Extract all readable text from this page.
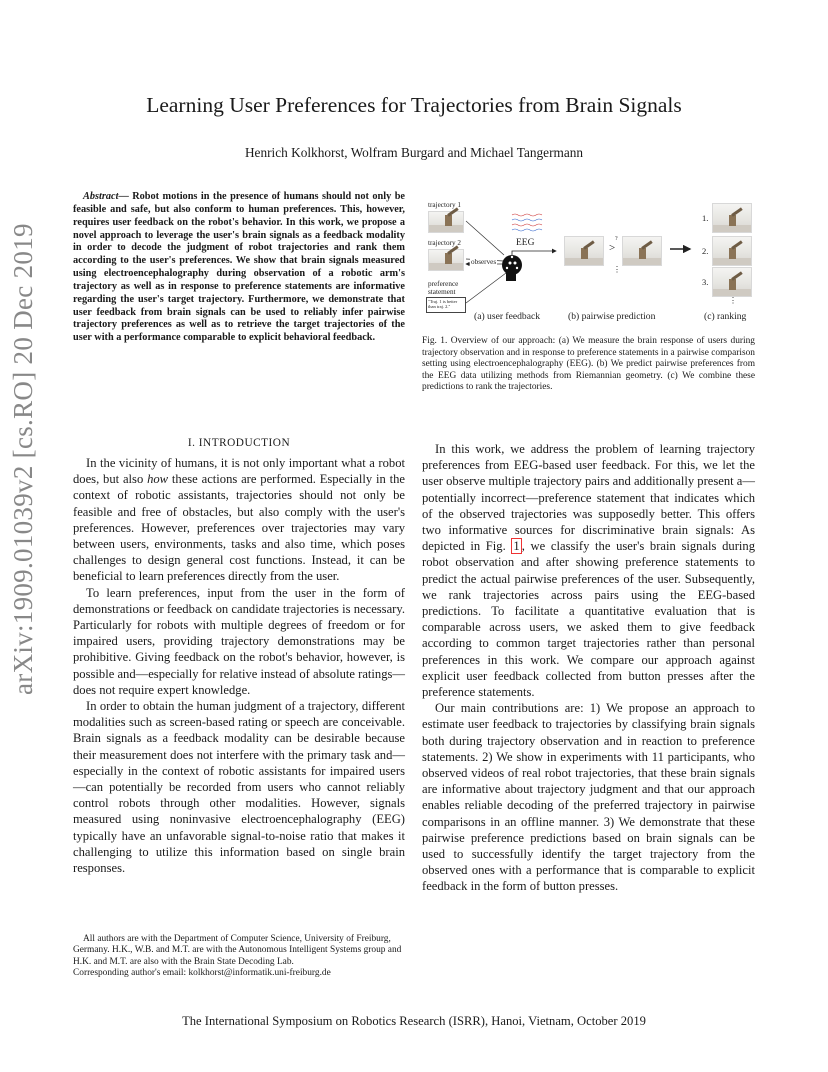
arXiv:1909.01039v2 [cs.RO] 20 Dec 2019
Learning User Preferences for Trajectories from Brain Signals
Henrich Kolkhorst, Wolfram Burgard and Michael Tangermann
Abstract— Robot motions in the presence of humans should not only be feasible and safe, but also conform to human preferences. This, however, requires user feedback on the robot's behavior. In this work, we propose a novel approach to leverage the user's brain signals as a feedback modality in order to decode the judgment of robot trajectories and rank them according to the user's preferences. We show that brain signals measured using electroencephalography during observation of a robotic arm's trajectory as well as in response to preference statements are informative regarding the user's target trajectory. Furthermore, we demonstrate that user feedback from brain signals can be used to reliably infer pairwise trajectory preferences as well as to retrieve the target trajectories of the user with a performance comparable to explicit behavioral feedback.
trajectory 1
trajectory 2
preference
statement
"Traj. 1 is better than traj. 2."
EEG
observes
>
?
⋮
1.
2.
3.
⋮
(a) user feedback	(b) pairwise prediction	(c) ranking
Fig. 1. Overview of our approach: (a) We measure the brain response of users during trajectory observation and in response to preference statements in a pairwise comparison setting using electroencephalography (EEG). (b) We predict pairwise preferences from the EEG data utilizing methods from Riemannian geometry. (c) We combine these predictions to rank the trajectories.
I. INTRODUCTION

In the vicinity of humans, it is not only important what a robot does, but also how these actions are performed. Especially in the context of robotic assistants, trajectories should not only be feasible and free of obstacles, but also comply with the user's preferences. However, preferences over trajectories may vary between users, environments, tasks and also time, which poses challenges to design general cost functions. Instead, it can be beneficial to learn preferences directly from the user.

To learn preferences, input from the user in the form of demonstrations or feedback on candidate trajectories is necessary. Particularly for robots with multiple degrees of freedom or for impaired users, providing trajectory demonstrations may be prohibitive. Giving feedback on the robot's behavior, however, is possible and—especially for relative instead of absolute ratings—does not require expert knowledge.

In order to obtain the human judgment of a trajectory, different modalities such as screen-based rating or speech are conceivable. Brain signals as a feedback modality can be desirable because their measurement does not interfere with the primary task and—especially in the context of robotic assistants for impaired users—can potentially be recorded from users who cannot reliably control robots through other modalities. However, signals measured using noninvasive electroencephalography (EEG) typically have an unfavorable signal-to-noise ratio that makes it challenging to utilize this information based on single brain responses.

In this work, we address the problem of learning trajectory preferences from EEG-based user feedback. For this, we let the user observe multiple trajectory pairs and additionally present a—potentially incorrect—preference statement that indicates which of the observed trajectories was supposedly better. This offers two informative sources for discriminative brain signals: As depicted in Fig. 1 , we classify the user's brain signals during robot observation and after showing preference statements to predict the actual pairwise preferences of the user. Subsequently, we rank trajectories across pairs using the EEG-based predictions. To facilitate a quantitative evaluation that is comparable across users, we asked them to give feedback according to common target trajectories rather than personal preferences in this work. We compare our approach against explicit user feedback collected from button presses after the preference statements.

Our main contributions are: 1) We propose an approach to estimate user feedback to trajectories by classifying brain signals both during trajectory observation and in reaction to preference statements. 2) We show in experiments with 11 participants, who observed videos of real robot trajectories, that these brain signals are informative about trajectory judgment and that our approach enables reliable decoding of the preferred trajectory in pairwise comparisons in an offline manner. 3) We demonstrate that these pairwise preference predictions based on brain signals can be used to successfully identify the target trajectory from the observed ones with a performance that is comparable to explicit feedback in the form of button presses.

All authors are with the Department of Computer Science, University of Freiburg, Germany. H.K., W.B. and M.T. are with the Autonomous Intelligent Systems group and H.K. and M.T. are also with the Brain State Decoding Lab.

Corresponding author's email: kolkhorst@informatik.uni-freiburg.de

The International Symposium on Robotics Research (ISRR), Hanoi, Vietnam, October 2019
